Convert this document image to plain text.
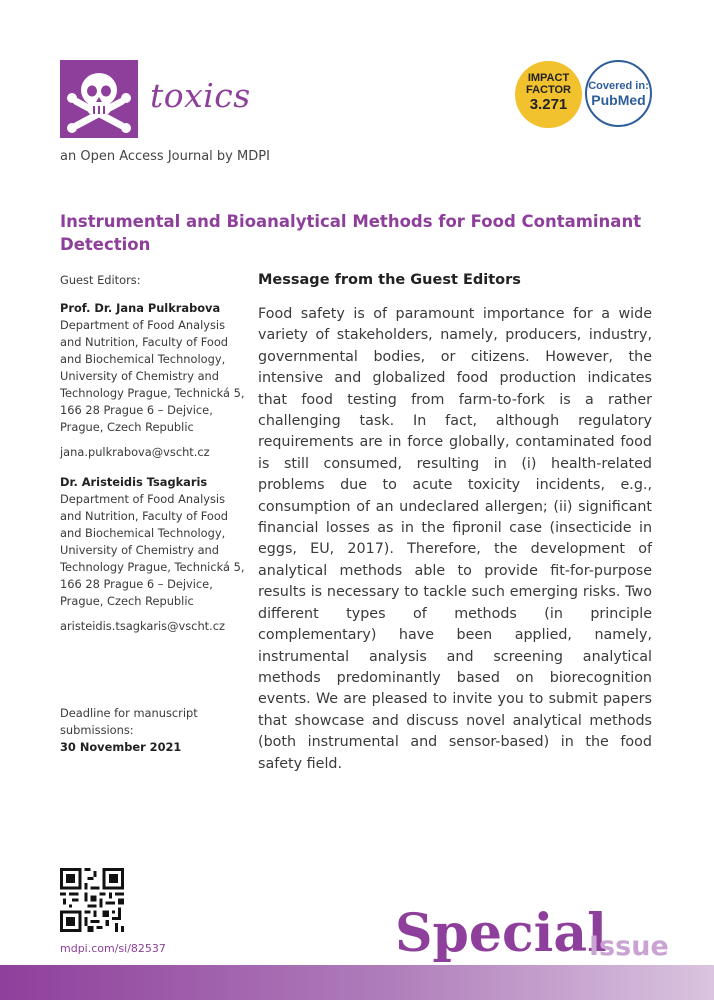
toxics
an Open Access Journal by MDPI
IMPACT
FACTOR
3.271
Covered in:
PubMed
Instrumental and Bioanalytical Methods for Food Contaminant Detection
Guest Editors:
Prof. Dr. Jana Pulkrabova
Department of Food Analysis and Nutrition, Faculty of Food and Biochemical Technology, University of Chemistry and Technology Prague, Technická 5, 166 28 Prague 6 – Dejvice, Prague, Czech Republic
jana.pulkrabova@vscht.cz
Dr. Aristeidis Tsagkaris
Department of Food Analysis and Nutrition, Faculty of Food and Biochemical Technology, University of Chemistry and Technology Prague, Technická 5, 166 28 Prague 6 – Dejvice, Prague, Czech Republic
aristeidis.tsagkaris@vscht.cz
Deadline for manuscript submissions:
30 November 2021
Message from the Guest Editors

Food safety is of paramount importance for a wide variety of stakeholders, namely, producers, industry, governmental bodies, or citizens. However, the intensive and globalized food production indicates that food testing from farm-to-fork is a rather challenging task. In fact, although regulatory requirements are in force globally, contaminated food is still consumed, resulting in (i) health-related problems due to acute toxicity incidents, e.g., consumption of an undeclared allergen; (ii) significant financial losses as in the fipronil case (insecticide in eggs, EU, 2017). Therefore, the development of analytical methods able to provide fit-for-purpose results is necessary to tackle such emerging risks. Two different types of methods (in principle complementary) have been applied, namely, instrumental analysis and screening analytical methods predominantly based on biorecognition events. We are pleased to invite you to submit papers that showcase and discuss novel analytical methods (both instrumental and sensor-based) in the food safety field.

mdpi.com/si/82537	Special
Issue
